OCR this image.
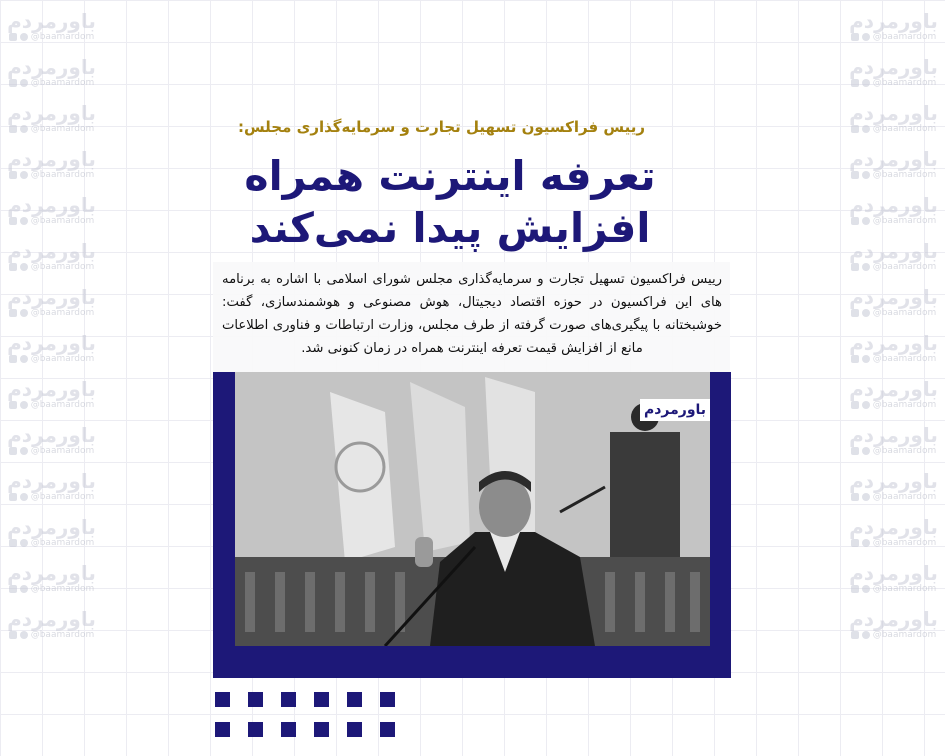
باورمردم
@baamardom
باورمردم
@baamardom
باورمردم
@baamardom
باورمردم
@baamardom
باورمردم
@baamardom
باورمردم
@baamardom
باورمردم
@baamardom
باورمردم
@baamardom
باورمردم
@baamardom
باورمردم
@baamardom
باورمردم
@baamardom
باورمردم
@baamardom
باورمردم
@baamardom
باورمردم
@baamardom
باورمردم
@baamardom
باورمردم
@baamardom
باورمردم
@baamardom
باورمردم
@baamardom
باورمردم
@baamardom
باورمردم
@baamardom
باورمردم
@baamardom
باورمردم
@baamardom
باورمردم
@baamardom
باورمردم
@baamardom
باورمردم
@baamardom
باورمردم
@baamardom
باورمردم
@baamardom
باورمردم
@baamardom
رییس فراکسیون تسهیل تجارت و سرمایه‌گذاری مجلس:
تعرفه اینترنت همراه افزایش پیدا نمی‌کند
رییس فراکسیون تسهیل تجارت و سرمایه‌گذاری مجلس شورای اسلامی با اشاره به برنامه های این فراکسیون در حوزه اقتصاد دیجیتال، هوش مصنوعی و هوشمندسازی، گفت: خوشبختانه با پیگیری‌های صورت گرفته از طرف مجلس، وزارت ارتباطات و فناوری اطلاعات مانع از افزایش قیمت تعرفه اینترنت همراه در زمان کنونی شد.
باورمردم
